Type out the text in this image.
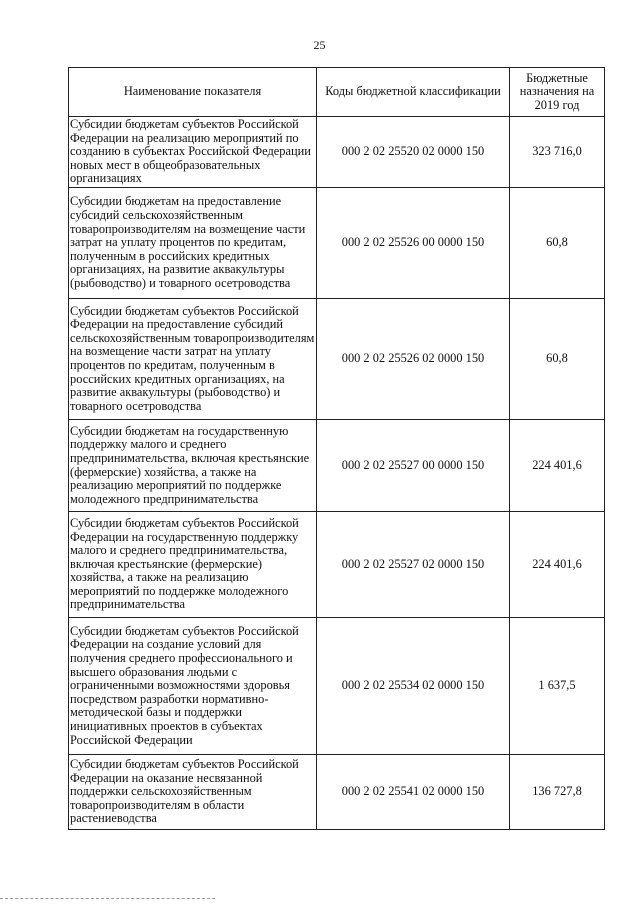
25
Наименование показателя	Коды бюджетной классификации	Бюджетные назначения на 2019 год
Субсидии бюджетам субъектов Российской Федерации на реализацию мероприятий по созданию в субъектах Российской Федерации новых мест в общеобразовательных организациях	000 2 02 25520 02 0000 150	323 716,0
Субсидии бюджетам на предоставление субсидий сельскохозяйственным товаропроизводителям на возмещение части затрат на уплату процентов по кредитам, полученным в российских кредитных организациях, на развитие аквакультуры (рыбоводство) и товарного осетроводства	000 2 02 25526 00 0000 150	60,8
Субсидии бюджетам субъектов Российской Федерации на предоставление субсидий сельскохозяйственным товаропроизводителям на возмещение части затрат на уплату процентов по кредитам, полученным в российских кредитных организациях, на развитие аквакультуры (рыбоводство) и товарного осетроводства	000 2 02 25526 02 0000 150	60,8
Субсидии бюджетам на государственную поддержку малого и среднего предпринимательства, включая крестьянские (фермерские) хозяйства, а также на реализацию мероприятий по поддержке молодежного предпринимательства	000 2 02 25527 00 0000 150	224 401,6
Субсидии бюджетам субъектов Российской Федерации на государственную поддержку малого и среднего предпринимательства, включая крестьянские (фермерские) хозяйства, а также на реализацию мероприятий по поддержке молодежного предпринимательства	000 2 02 25527 02 0000 150	224 401,6
Субсидии бюджетам субъектов Российской Федерации на создание условий для получения среднего профессионального и высшего образования людьми с ограниченными возможностями здоровья посредством разработки нормативно-методической базы и поддержки инициативных проектов в субъектах Российской Федерации	000 2 02 25534 02 0000 150	1 637,5
Субсидии бюджетам субъектов Российской Федерации на оказание несвязанной поддержки сельскохозяйственным товаропроизводителям в области растениеводства	000 2 02 25541 02 0000 150	136 727,8
